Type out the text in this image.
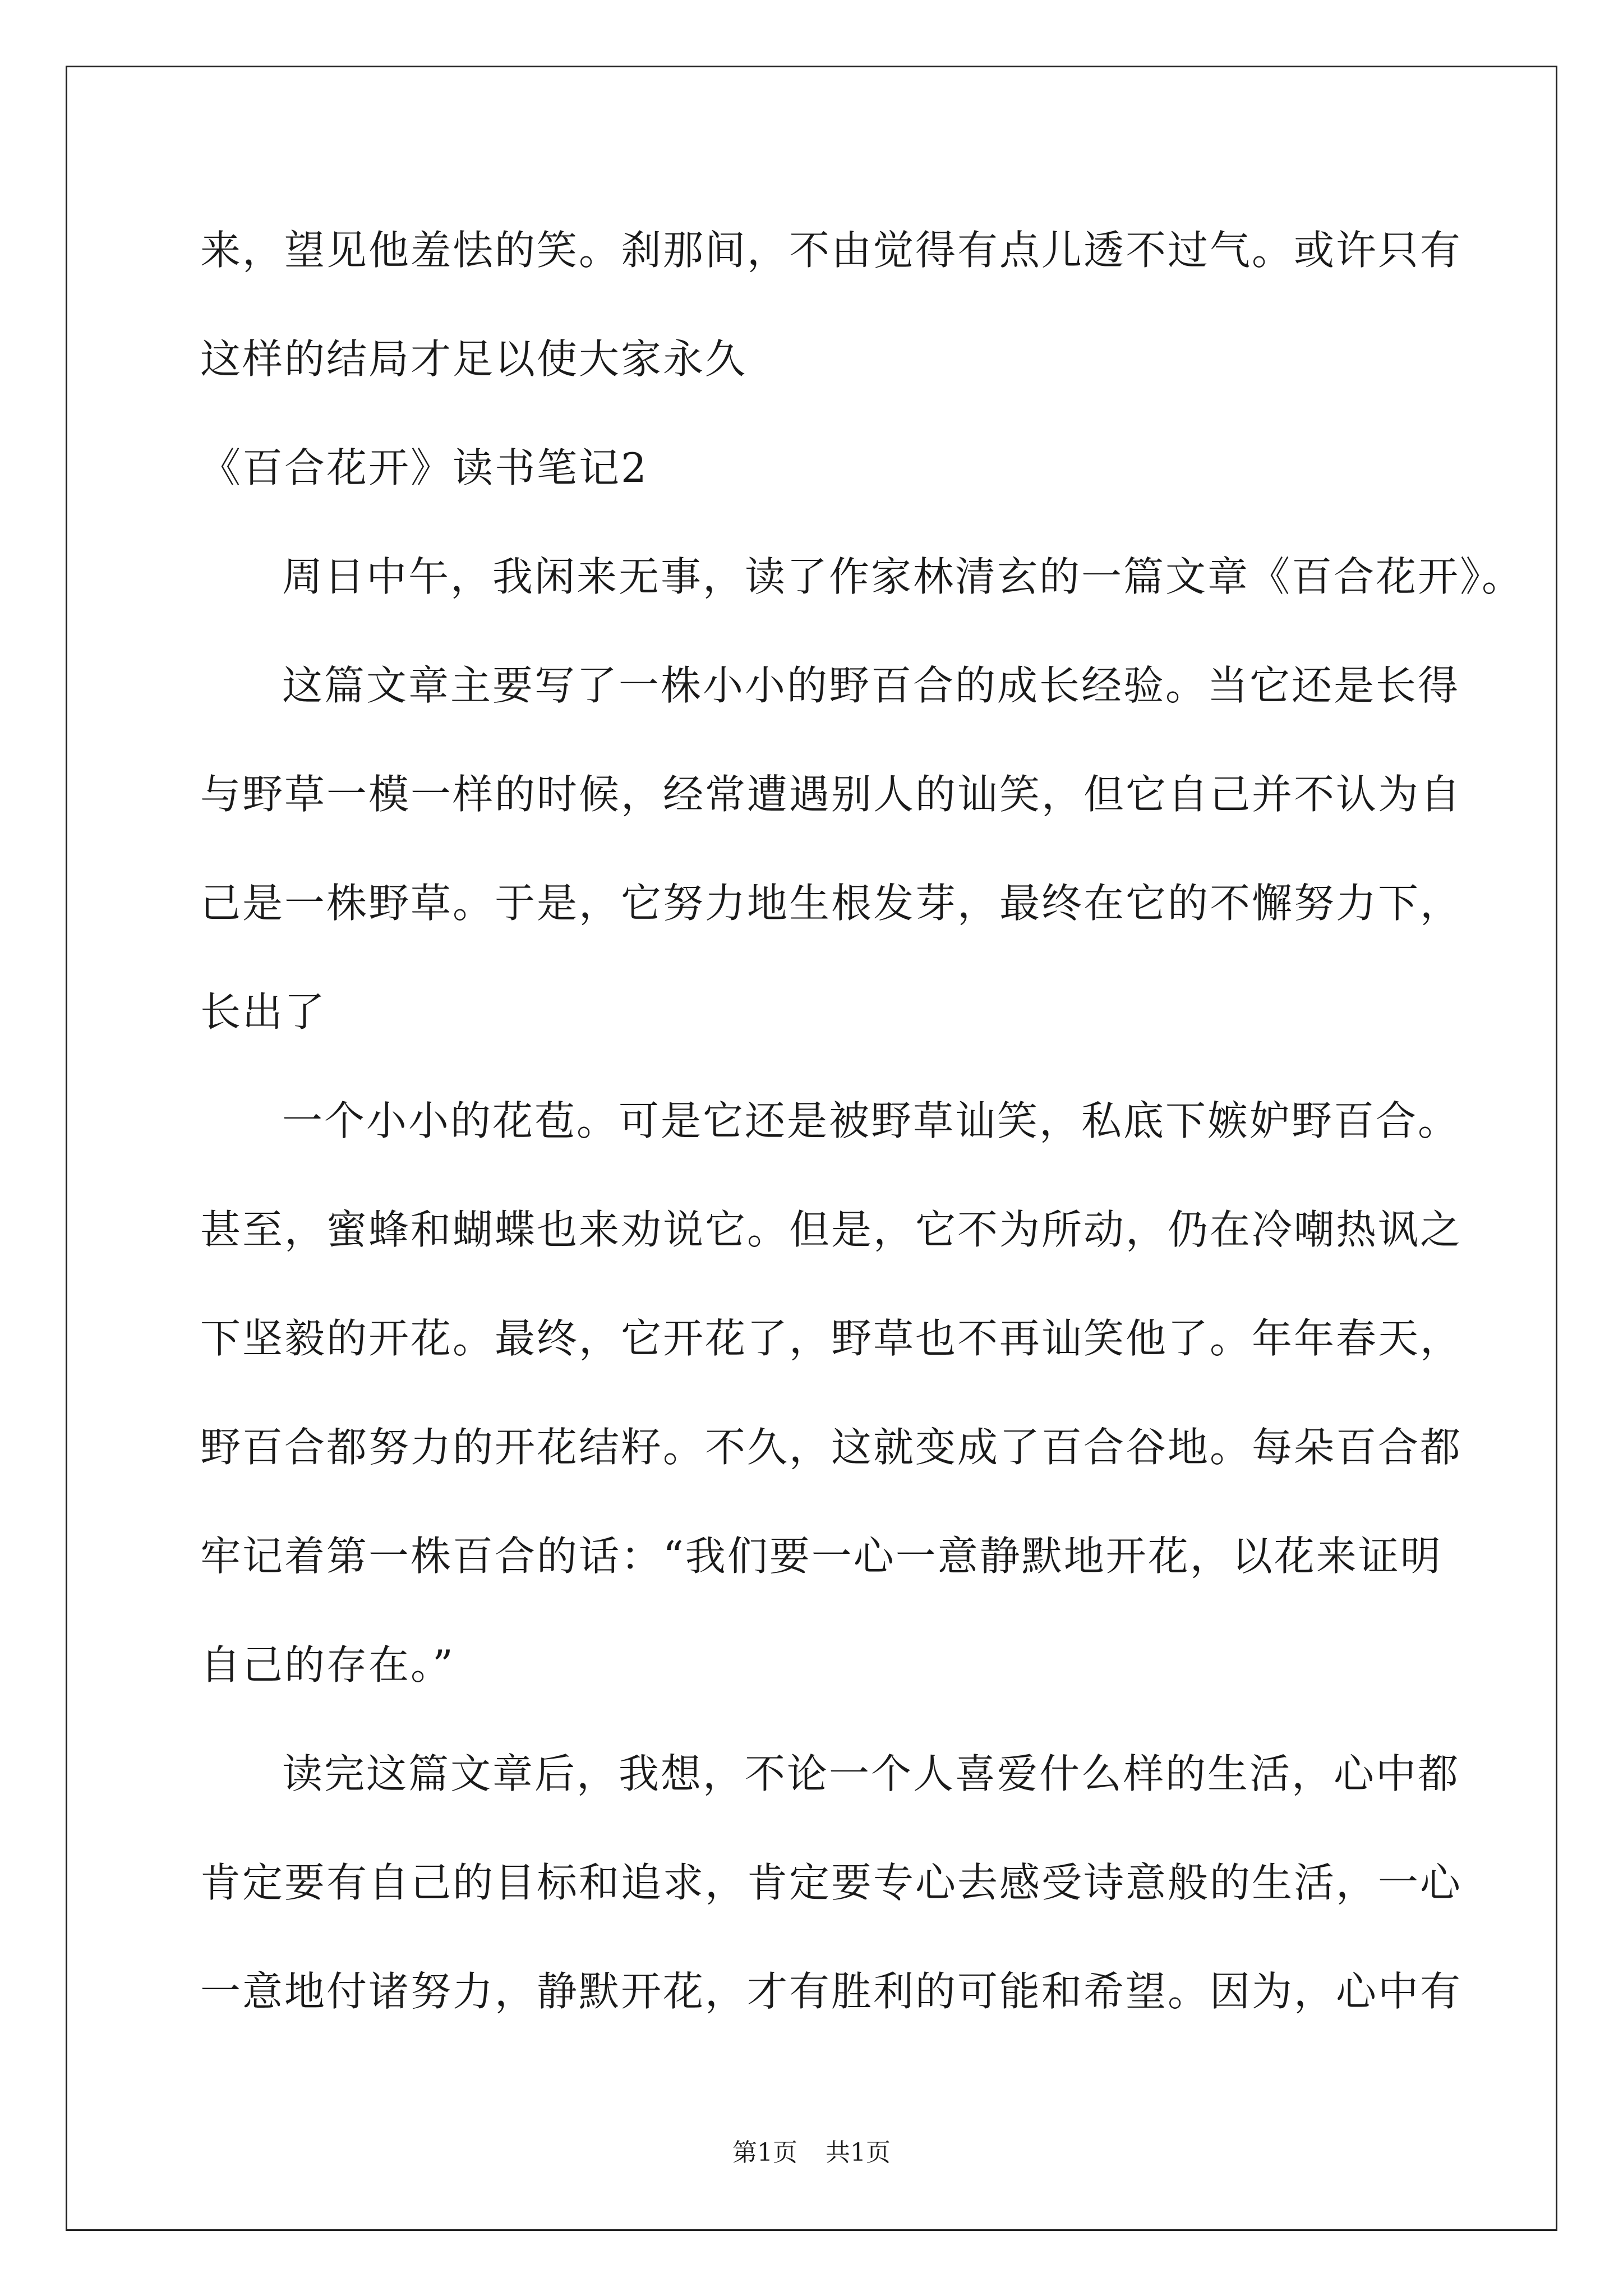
来，望见他羞怯的笑。刹那间，不由觉得有点儿透不过气。或许只有
这样的结局才足以使大家永久
《百合花开》读书笔记2
周日中午，我闲来无事，读了作家林清玄的一篇文章《百合花开》。
这篇文章主要写了一株小小的野百合的成长经验。当它还是长得
与野草一模一样的时候，经常遭遇别人的讪笑，但它自己并不认为自
己是一株野草。于是，它努力地生根发芽，最终在它的不懈努力下，
长出了
一个小小的花苞。可是它还是被野草讪笑，私底下嫉妒野百合。
甚至，蜜蜂和蝴蝶也来劝说它。但是，它不为所动，仍在冷嘲热讽之
下坚毅的开花。最终，它开花了，野草也不再讪笑他了。年年春天，
野百合都努力的开花结籽。不久，这就变成了百合谷地。每朵百合都
牢记着第一株百合的话：“我们要一心一意静默地开花，以花来证明
自己的存在。”
读完这篇文章后，我想，不论一个人喜爱什么样的生活，心中都
肯定要有自己的目标和追求，肯定要专心去感受诗意般的生活，一心
一意地付诸努力，静默开花，才有胜利的可能和希望。因为，心中有
第1页 共1页
